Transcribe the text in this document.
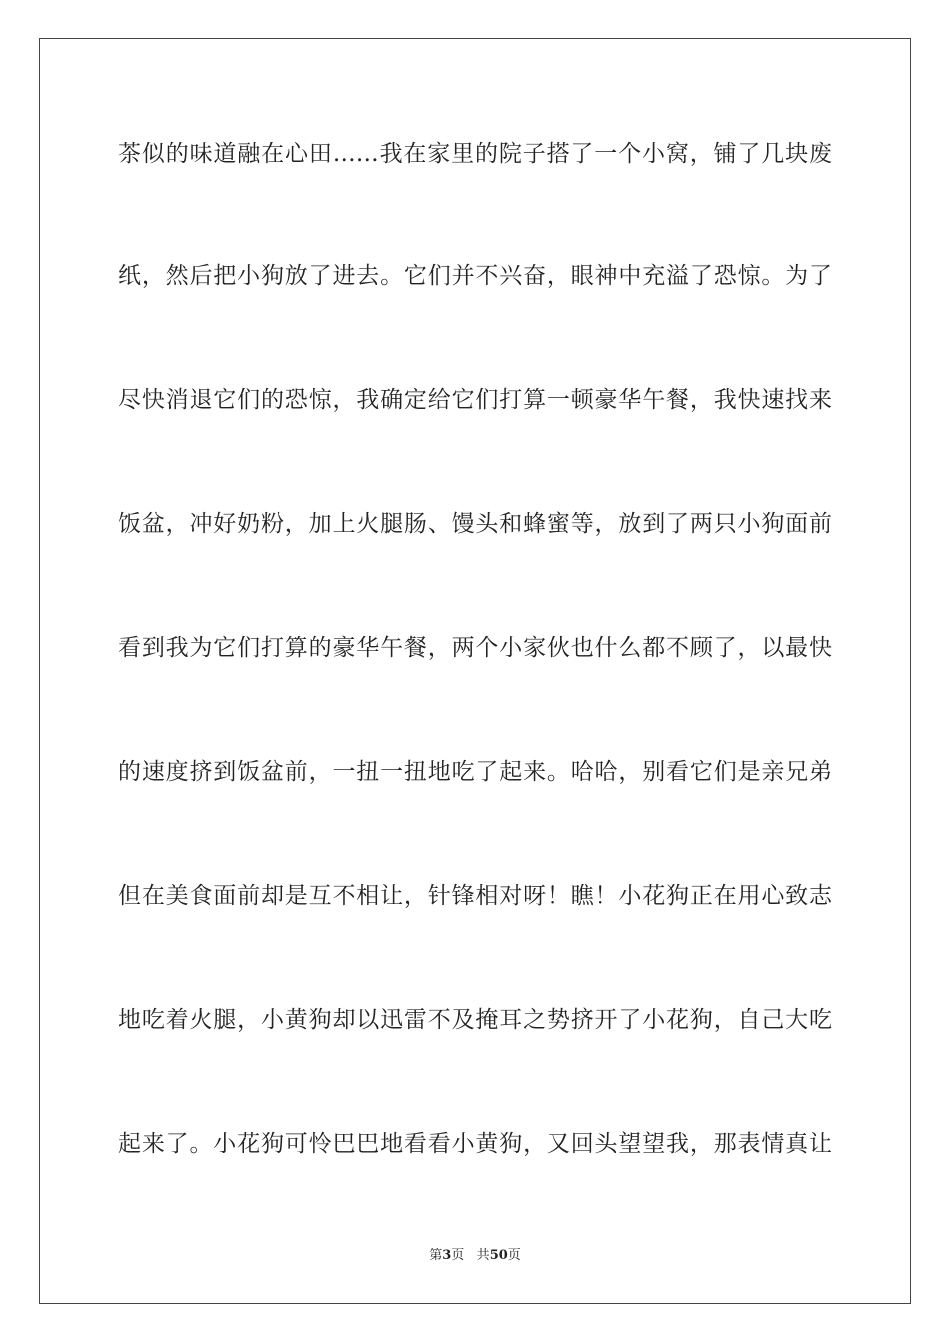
茶似的味道融在心田……我在家里的院子搭了一个小窝，铺了几块废
纸，然后把小狗放了进去。它们并不兴奋，眼神中充溢了恐惊。为了
尽快消退它们的恐惊，我确定给它们打算一顿豪华午餐，我快速找来
饭盆，冲好奶粉，加上火腿肠、馒头和蜂蜜等，放到了两只小狗面前
看到我为它们打算的豪华午餐，两个小家伙也什么都不顾了，以最快
的速度挤到饭盆前，一扭一扭地吃了起来。哈哈，别看它们是亲兄弟
但在美食面前却是互不相让，针锋相对呀！瞧！小花狗正在用心致志
地吃着火腿，小黄狗却以迅雷不及掩耳之势挤开了小花狗，自己大吃
起来了。小花狗可怜巴巴地看看小黄狗，又回头望望我，那表情真让
第3页 共50页
